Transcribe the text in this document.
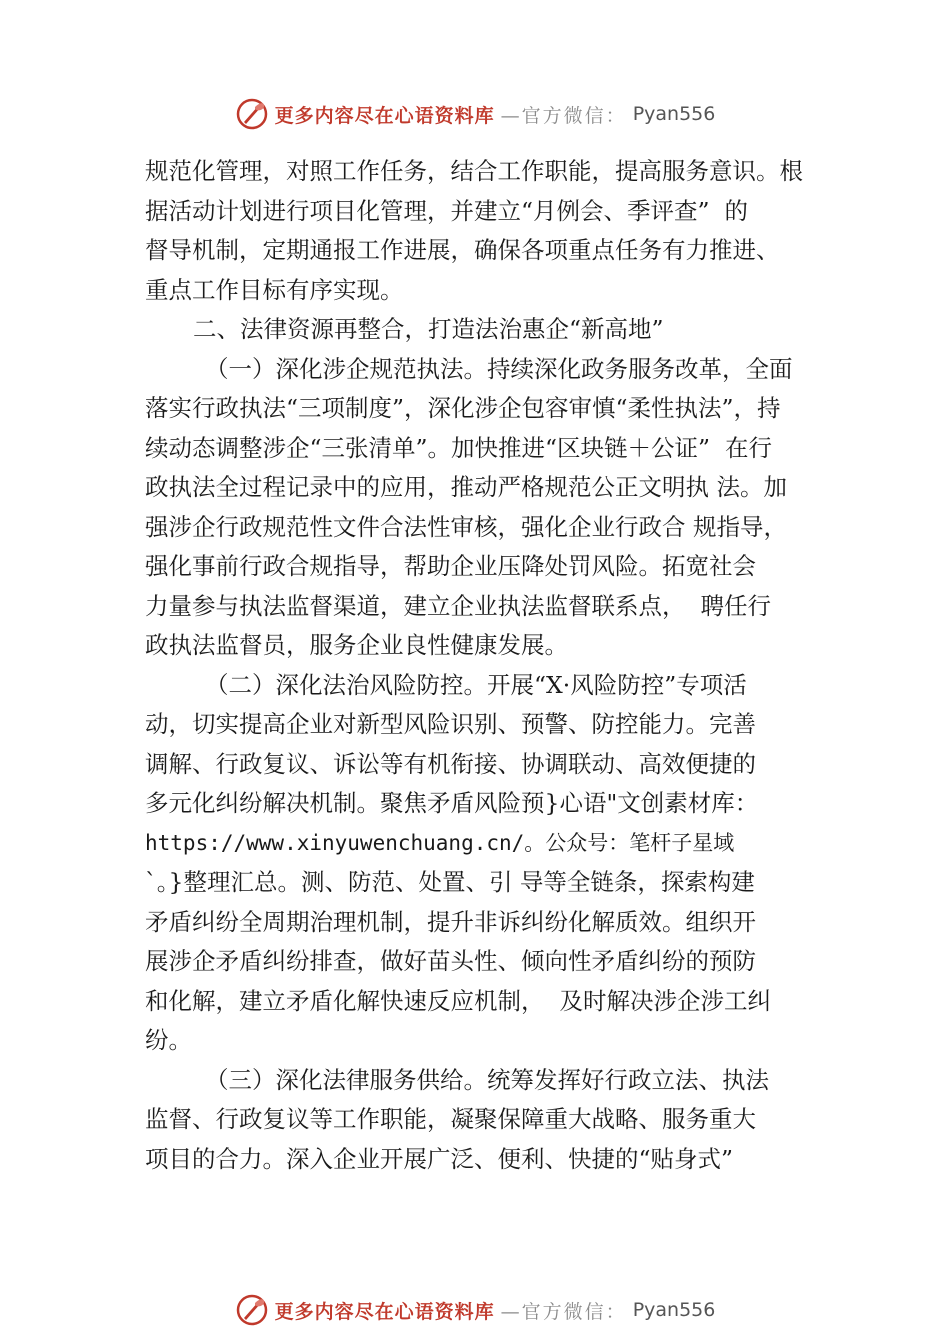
更多内容尽在心语资料库 —官方微信： Pyan556
规范化管理，对照工作任务，结合工作职能，提高服务意识。根
据活动计划进行项目化管理，并建立“月例会、季评查”  的
督导机制，定期通报工作进展，确保各项重点任务有力推进、
重点工作目标有序实现。
二、法律资源再整合，打造法治惠企“新高地”
（一）深化涉企规范执法。持续深化政务服务改革，全面
落实行政执法“三项制度”，深化涉企包容审慎“柔性执法”，持
续动态调整涉企“三张清单”。加快推进“区块链＋公证”  在行
政执法全过程记录中的应用，推动严格规范公正文明执 法。加
强涉企行政规范性文件合法性审核，强化企业行政合 规指导，
强化事前行政合规指导，帮助企业压降处罚风险。拓宽社会
力量参与执法监督渠道，建立企业执法监督联系点，  聘任行
政执法监督员，服务企业良性健康发展。
（二）深化法治风险防控。开展“X·风险防控”专项活
动，切实提高企业对新型风险识别、预警、防控能力。完善
调解、行政复议、诉讼等有机衔接、协调联动、高效便捷的
多元化纠纷解决机制。聚焦矛盾风险预}心语"文创素材库：
https://www.xinyuwenchuang.cn/。公众号：笔杆子星域
`。}整理汇总。测、防范、处置、引 导等全链条，探索构建
矛盾纠纷全周期治理机制，提升非诉纠纷化解质效。组织开
展涉企矛盾纠纷排查，做好苗头性、倾向性矛盾纠纷的预防
和化解，建立矛盾化解快速反应机制，  及时解决涉企涉工纠
纷。
（三）深化法律服务供给。统筹发挥好行政立法、执法
监督、行政复议等工作职能，凝聚保障重大战略、服务重大
项目的合力。深入企业开展广泛、便利、快捷的“贴身式”
更多内容尽在心语资料库 —官方微信： Pyan556
